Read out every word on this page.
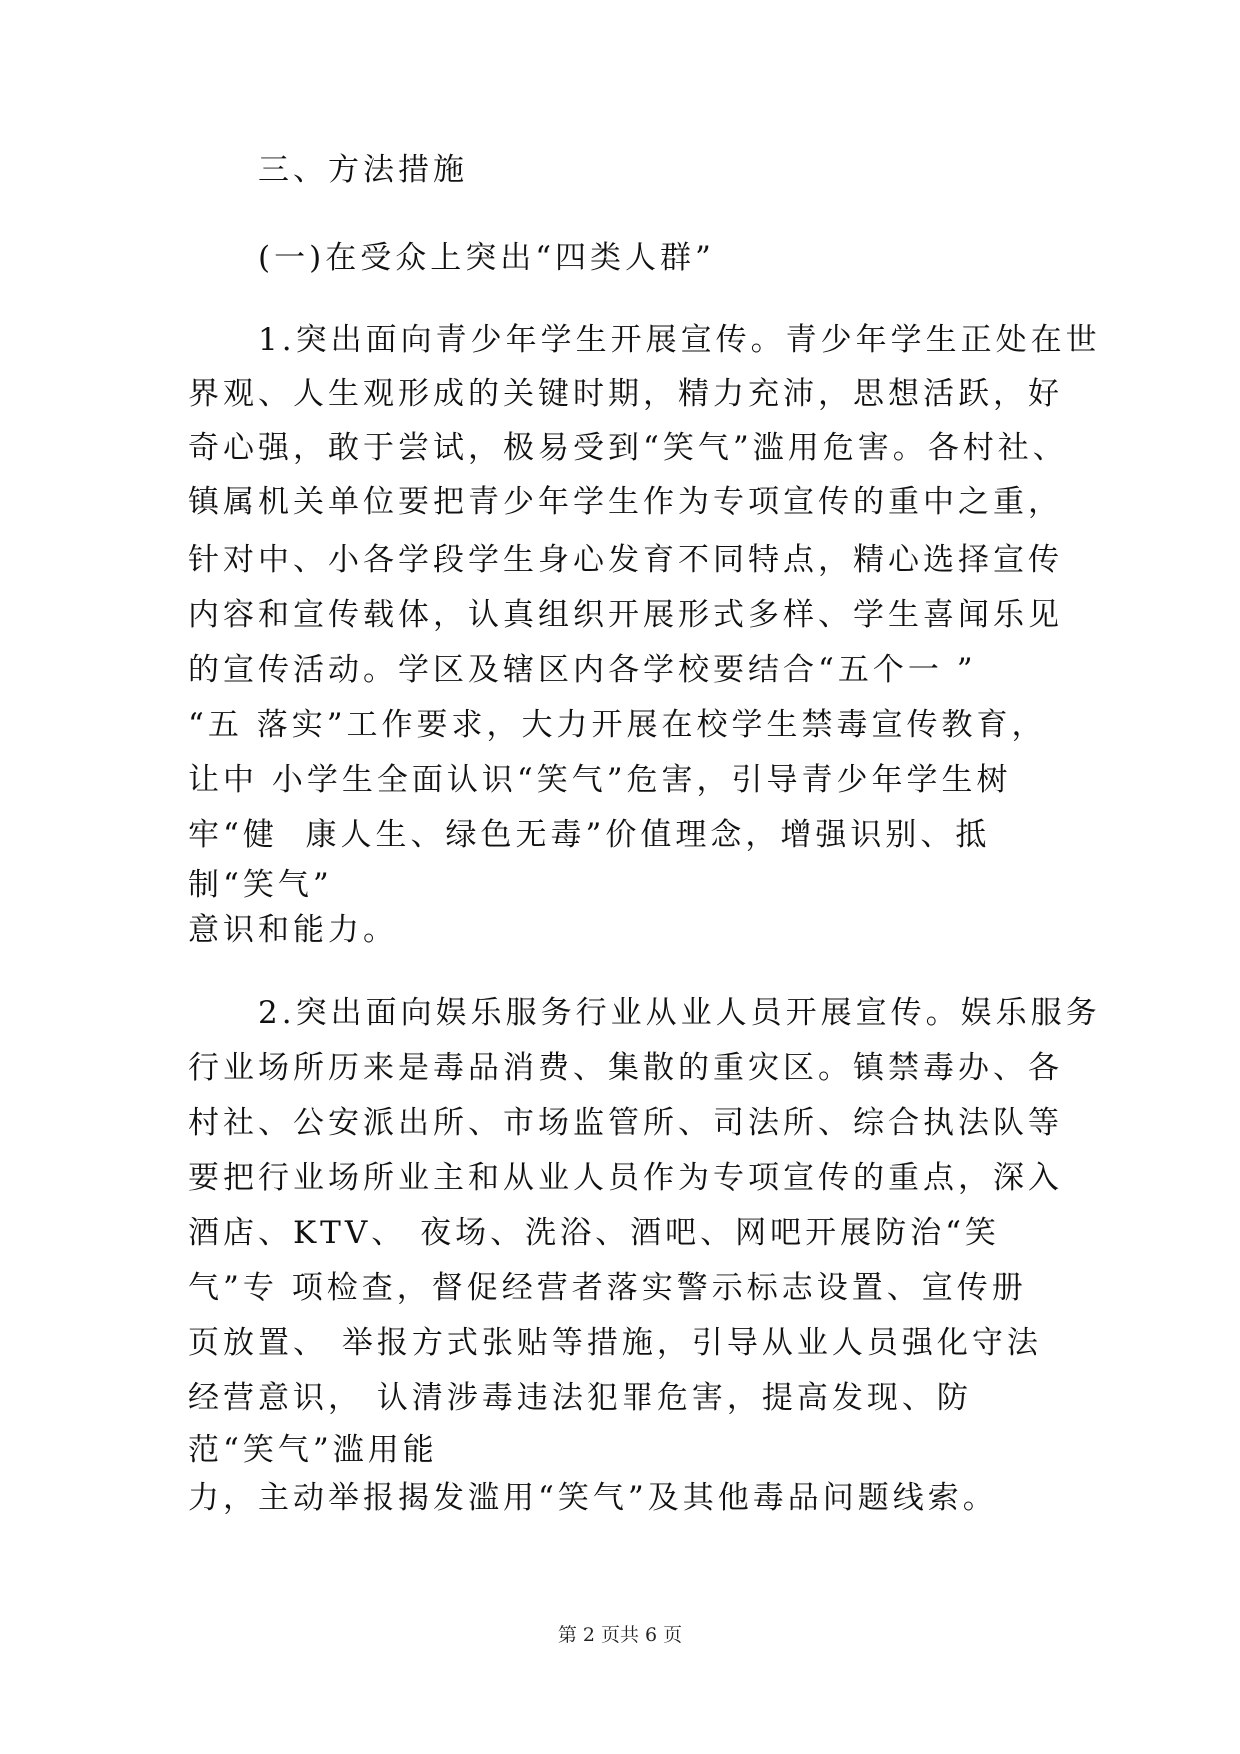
三、方法措施
(一)在受众上突出“四类人群”
1.突出面向青少年学生开展宣传。青少年学生正处在世
界观、人生观形成的关键时期，精力充沛，思想活跃，好
奇心强，敢于尝试，极易受到“笑气”滥用危害。各村社、
镇属机关单位要把青少年学生作为专项宣传的重中之重，
针对中、小各学段学生身心发育不同特点，精心选择宣传
内容和宣传载体，认真组织开展形式多样、学生喜闻乐见
的宣传活动。学区及辖区内各学校要结合“五个一 ”
“五 落实”工作要求，大力开展在校学生禁毒宣传教育，
让中 小学生全面认识“笑气”危害，引导青少年学生树
牢“健  康人生、绿色无毒”价值理念，增强识别、抵
制“笑气”
意识和能力。
2.突出面向娱乐服务行业从业人员开展宣传。娱乐服务
行业场所历来是毒品消费、集散的重灾区。镇禁毒办、各
村社、公安派出所、市场监管所、司法所、综合执法队等
要把行业场所业主和从业人员作为专项宣传的重点，深入
酒店、KTV、 夜场、洗浴、酒吧、网吧开展防治“笑
气”专 项检查，督促经营者落实警示标志设置、宣传册
页放置、 举报方式张贴等措施，引导从业人员强化守法
经营意识， 认清涉毒违法犯罪危害，提高发现、防
范“笑气”滥用能
力，主动举报揭发滥用“笑气”及其他毒品问题线索。
第 2 页共 6 页
